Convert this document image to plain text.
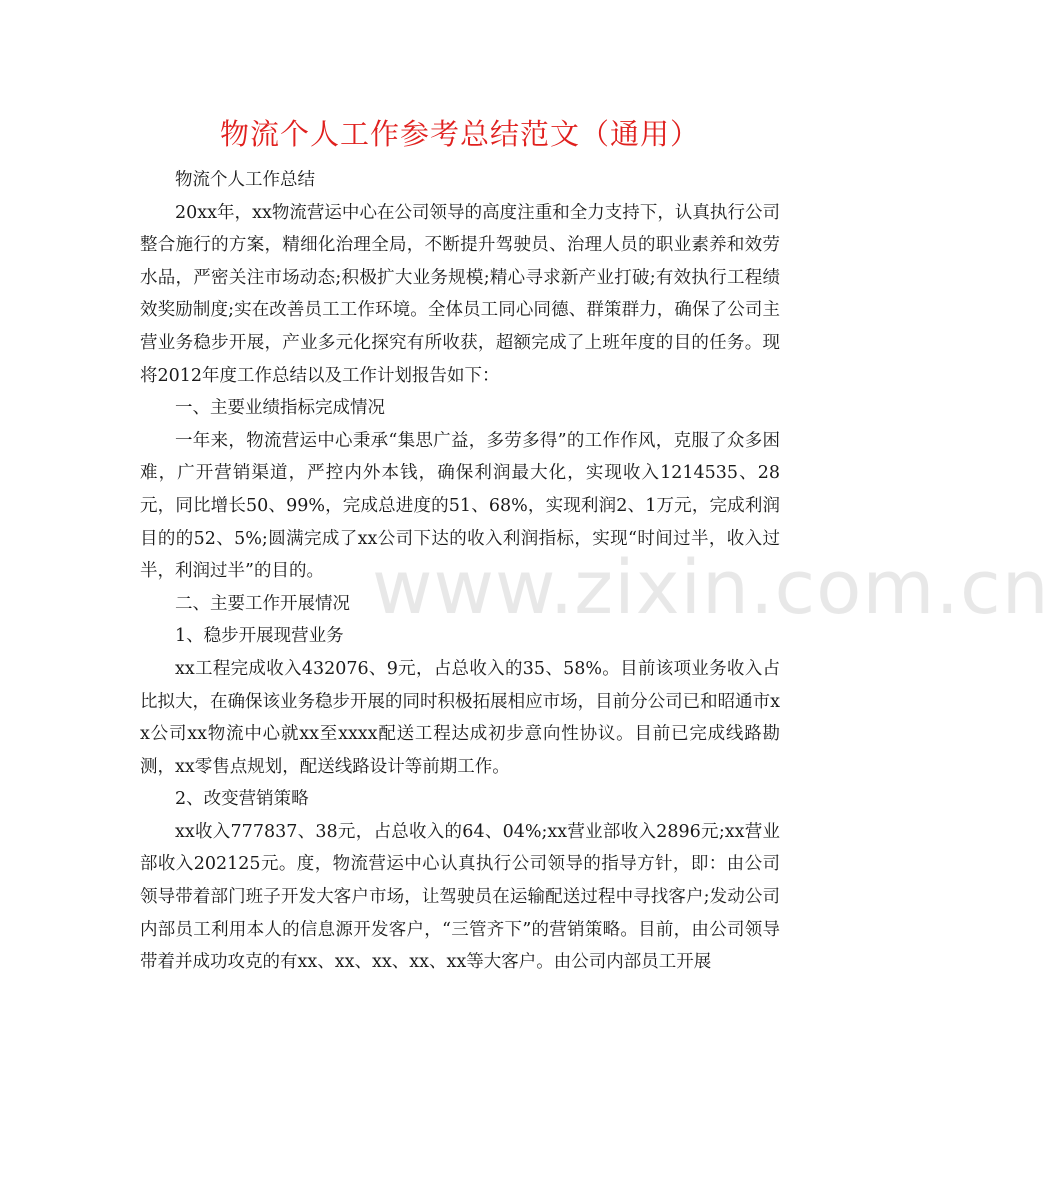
物流个人工作参考总结范文（通用）
www.zixin.com.cn

物流个人工作总结

20xx年，xx物流营运中心在公司领导的高度注重和全力支持下，认真执行公司整合施行的方案，精细化治理全局，不断提升驾驶员、治理人员的职业素养和效劳水品，严密关注市场动态;积极扩大业务规模;精心寻求新产业打破;有效执行工程绩效奖励制度;实在改善员工工作环境。全体员工同心同德、群策群力，确保了公司主营业务稳步开展，产业多元化探究有所收获，超额完成了上班年度的目的任务。现将2012年度工作总结以及工作计划报告如下：

一、主要业绩指标完成情况

一年来，物流营运中心秉承“集思广益，多劳多得”的工作作风，克服了众多困难，广开营销渠道，严控内外本钱，确保利润最大化，实现收入1214535、28元，同比增长50、99%，完成总进度的51、68%，实现利润2、1万元，完成利润目的的52、5%;圆满完成了xx公司下达的收入利润指标，实现“时间过半，收入过半，利润过半”的目的。

二、主要工作开展情况

1、稳步开展现营业务

xx工程完成收入432076、9元，占总收入的35、58%。目前该项业务收入占比拟大，在确保该业务稳步开展的同时积极拓展相应市场，目前分公司已和昭通市xx公司xx物流中心就xx至xxxx配送工程达成初步意向性协议。目前已完成线路勘测，xx零售点规划，配送线路设计等前期工作。

2、改变营销策略

xx收入777837、38元，占总收入的64、04%;xx营业部收入2896元;xx营业部收入202125元。度，物流营运中心认真执行公司领导的指导方针，即：由公司领导带着部门班子开发大客户市场，让驾驶员在运输配送过程中寻找客户;发动公司内部员工利用本人的信息源开发客户，“三管齐下”的营销策略。目前，由公司领导带着并成功攻克的有xx、xx、xx、xx、xx等大客户。由公司内部员工开展
